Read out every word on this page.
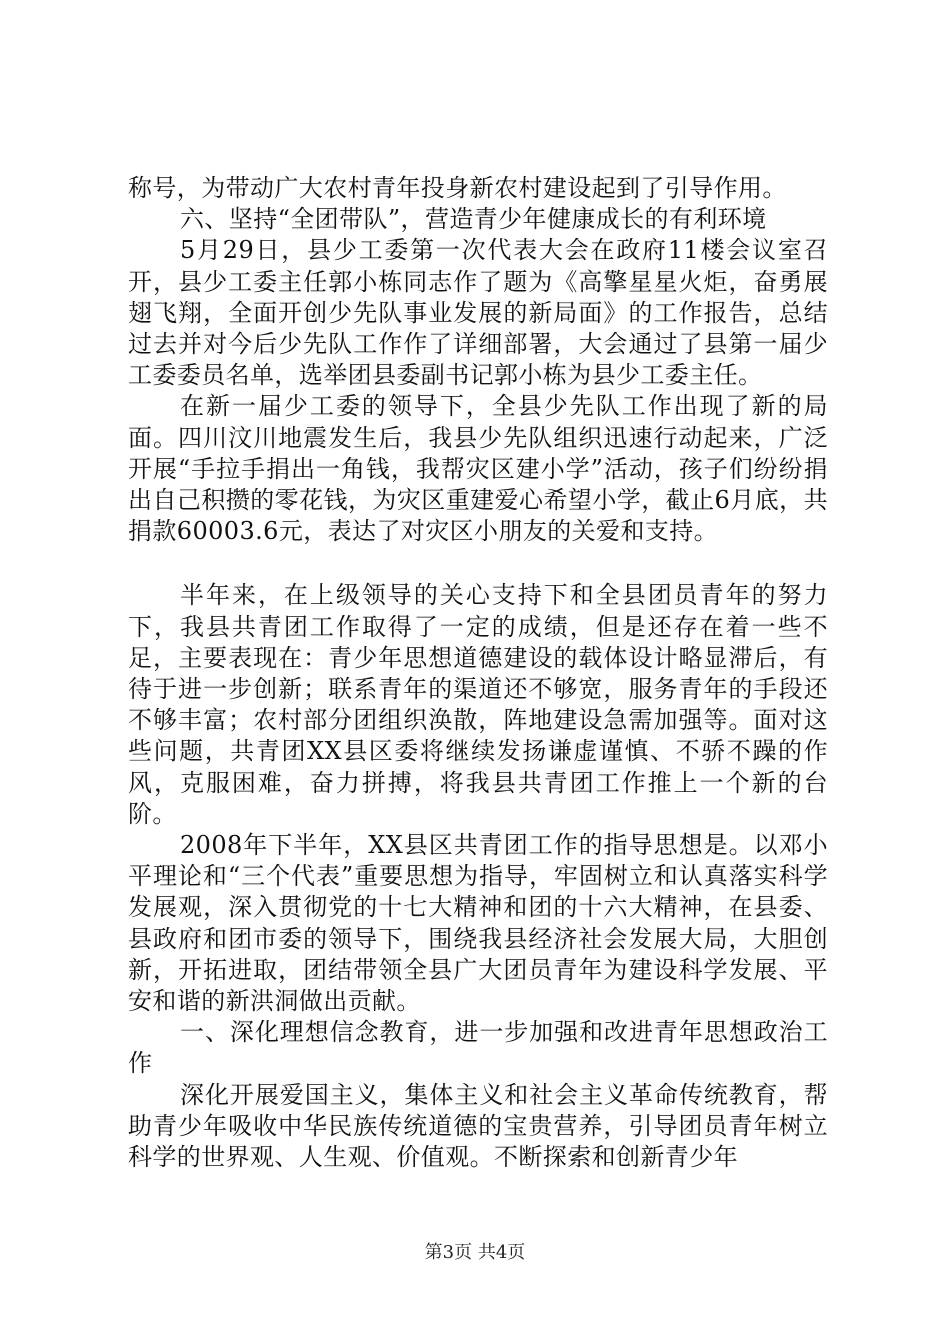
称号，为带动广大农村青年投身新农村建设起到了引导作用。

六、坚持“全团带队”，营造青少年健康成长的有利环境

5月29日，县少工委第一次代表大会在政府11楼会议室召开，县少工委主任郭小栋同志作了题为《高擎星星火炬，奋勇展翅飞翔，全面开创少先队事业发展的新局面》的工作报告，总结过去并对今后少先队工作作了详细部署，大会通过了县第一届少工委委员名单，选举团县委副书记郭小栋为县少工委主任。

在新一届少工委的领导下，全县少先队工作出现了新的局面。四川汶川地震发生后，我县少先队组织迅速行动起来，广泛开展“手拉手捐出一角钱，我帮灾区建小学”活动，孩子们纷纷捐出自己积攒的零花钱，为灾区重建爱心希望小学，截止6月底，共捐款60003.6元，表达了对灾区小朋友的关爱和支持。

半年来，在上级领导的关心支持下和全县团员青年的努力下，我县共青团工作取得了一定的成绩，但是还存在着一些不足，主要表现在：青少年思想道德建设的载体设计略显滞后，有待于进一步创新；联系青年的渠道还不够宽，服务青年的手段还不够丰富；农村部分团组织涣散，阵地建设急需加强等。面对这些问题，共青团XX县区委将继续发扬谦虚谨慎、不骄不躁的作风，克服困难，奋力拼搏，将我县共青团工作推上一个新的台阶。

2008年下半年，XX县区共青团工作的指导思想是。以邓小平理论和“三个代表”重要思想为指导，牢固树立和认真落实科学发展观，深入贯彻党的十七大精神和团的十六大精神，在县委、县政府和团市委的领导下，围绕我县经济社会发展大局，大胆创新，开拓进取，团结带领全县广大团员青年为建设科学发展、平安和谐的新洪洞做出贡献。

一、深化理想信念教育，进一步加强和改进青年思想政治工作

深化开展爱国主义，集体主义和社会主义革命传统教育，帮助青少年吸收中华民族传统道德的宝贵营养，引导团员青年树立科学的世界观、人生观、价值观。不断探索和创新青少年

第3页 共4页
